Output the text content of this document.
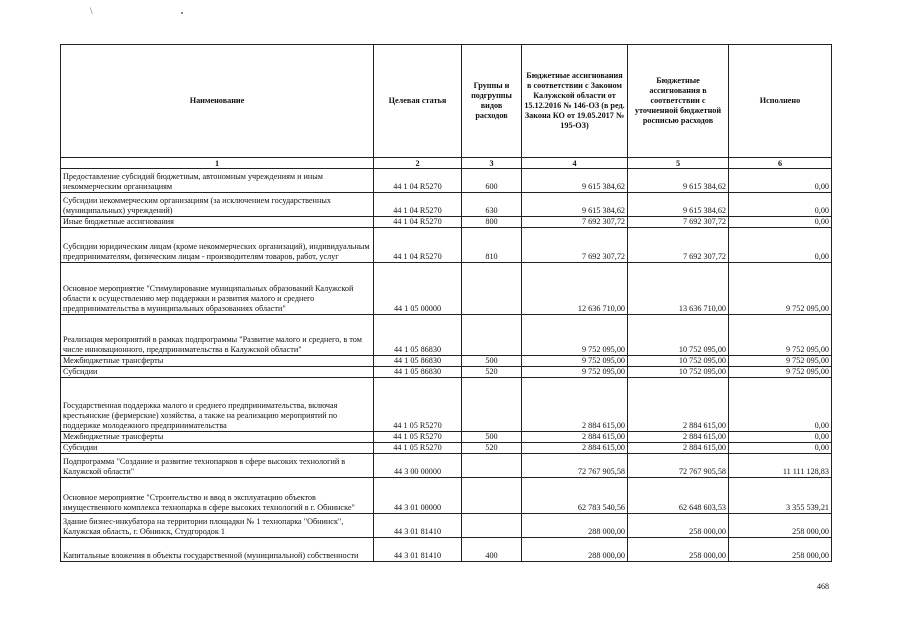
\
Наименование	Целевая статья	Группы и подгруппы видов расходов	Бюджетные ассигнования в соответствии с Законом Калужской области от 15.12.2016 № 146-ОЗ (в ред. Закона КО от 19.05.2017 № 195-ОЗ)	Бюджетные ассигнования в соответствии с уточненной бюджетной росписью расходов	Исполнено
1	2	3	4	5	6
Предоставление субсидий бюджетным, автономным учреждениям и иным некоммерческим организациям	44 1 04 R5270	600	9 615 384,62	9 615 384,62	0,00
Субсидии некоммерческим организациям (за исключением государственных (муниципальных) учреждений)	44 1 04 R5270	630	9 615 384,62	9 615 384,62	0,00
Иные бюджетные ассигнования	44 1 04 R5270	800	7 692 307,72	7 692 307,72	0,00
Субсидии юридическим лицам (кроме некоммерческих организаций), индивидуальным предпринимателям, физическим лицам - производителям товаров, работ, услуг	44 1 04 R5270	810	7 692 307,72	7 692 307,72	0,00
Основное мероприятие "Стимулирование муниципальных образований Калужской области к осуществлению мер поддержки и развития малого и среднего предпринимательства в муниципальных образованиях области"	44 1 05 00000		12 636 710,00	13 636 710,00	9 752 095,00
Реализация мероприятий в рамках подпрограммы "Развитие малого и среднего, в том числе инновационного, предпринимательства в Калужской области"	44 1 05 86830		9 752 095,00	10 752 095,00	9 752 095,00
Межбюджетные трансферты	44 1 05 86830	500	9 752 095,00	10 752 095,00	9 752 095,00
Субсидии	44 1 05 86830	520	9 752 095,00	10 752 095,00	9 752 095,00
Государственная поддержка малого и среднего предпринимательства, включая крестьянские (фермерские) хозяйства, а также на реализацию мероприятий по поддержке молодежного предпринимательства	44 1 05 R5270		2 884 615,00	2 884 615,00	0,00
Межбюджетные трансферты	44 1 05 R5270	500	2 884 615,00	2 884 615,00	0,00
Субсидии	44 1 05 R5270	520	2 884 615,00	2 884 615,00	0,00
Подпрограмма "Создание и развитие технопарков в сфере высоких технологий в Калужской области"	44 3 00 00000		72 767 905,58	72 767 905,58	11 111 128,83
Основное мероприятие "Строительство и ввод в эксплуатацию объектов имущественного комплекса технопарка в сфере высоких технологий в г. Обнинске"	44 3 01 00000		62 783 540,56	62 648 603,53	3 355 539,21
Здание бизнес-инкубатора на территории площадки № 1 технопарка "Обнинск", Калужская область, г. Обнинск, Студгородок 1	44 3 01 81410		288 000,00	258 000,00	258 000,00
Капитальные вложения в объекты государственной (муниципальной) собственности	44 3 01 81410	400	288 000,00	258 000,00	258 000,00
468
